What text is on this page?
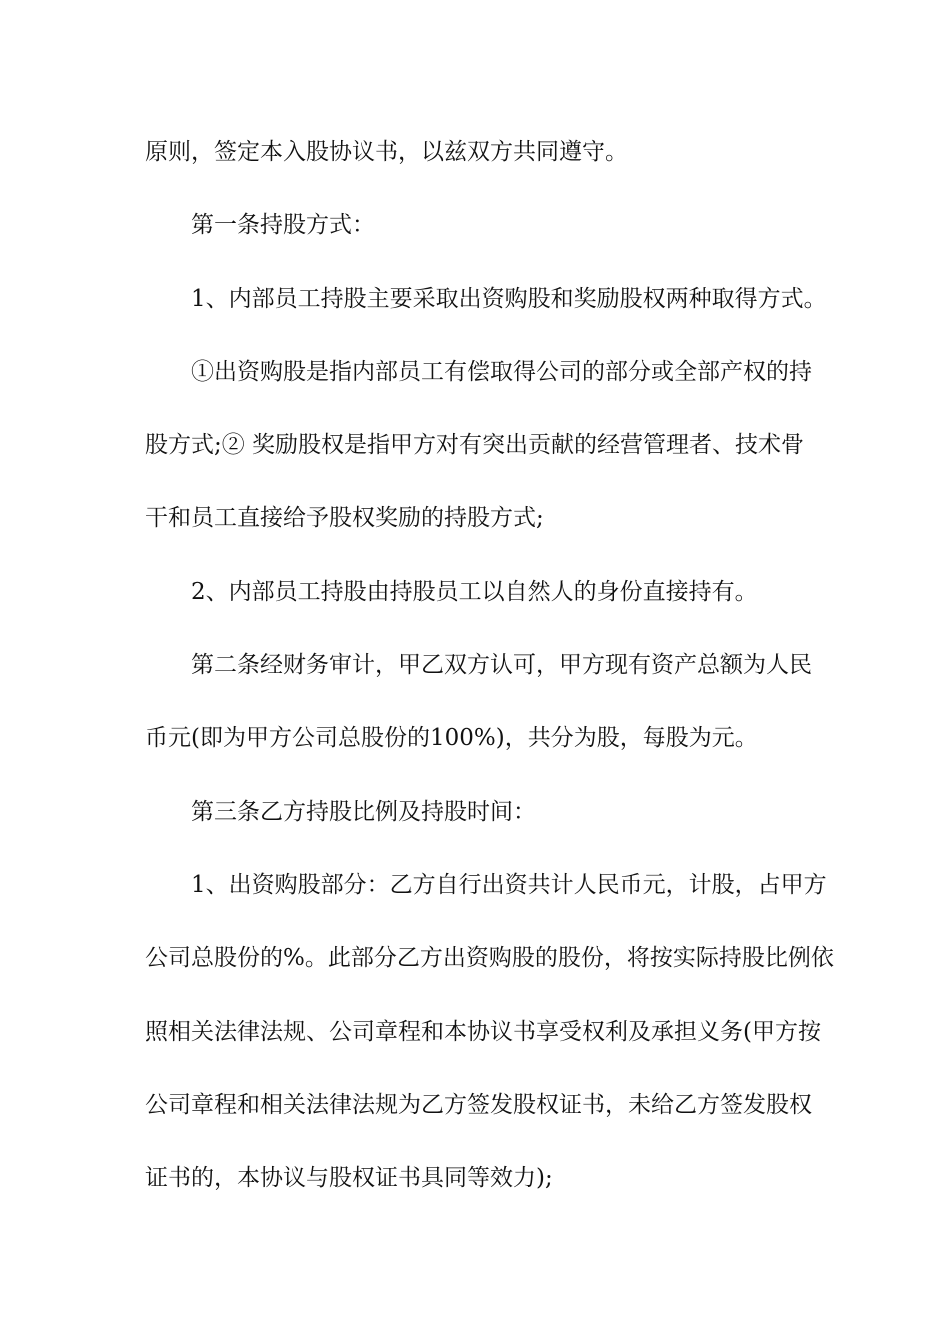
原则，签定本入股协议书，以兹双方共同遵守。
第一条持股方式：
1、内部员工持股主要采取出资购股和奖励股权两种取得方式。
①出资购股是指内部员工有偿取得公司的部分或全部产权的持
股方式;② 奖励股权是指甲方对有突出贡献的经营管理者、技术骨
干和员工直接给予股权奖励的持股方式;
2、内部员工持股由持股员工以自然人的身份直接持有。
第二条经财务审计，甲乙双方认可，甲方现有资产总额为人民
币元(即为甲方公司总股份的100%)，共分为股，每股为元。
第三条乙方持股比例及持股时间：
1、出资购股部分：乙方自行出资共计人民币元，计股，占甲方
公司总股份的%。此部分乙方出资购股的股份，将按实际持股比例依
照相关法律法规、公司章程和本协议书享受权利及承担义务(甲方按
公司章程和相关法律法规为乙方签发股权证书，未给乙方签发股权
证书的，本协议与股权证书具同等效力);
